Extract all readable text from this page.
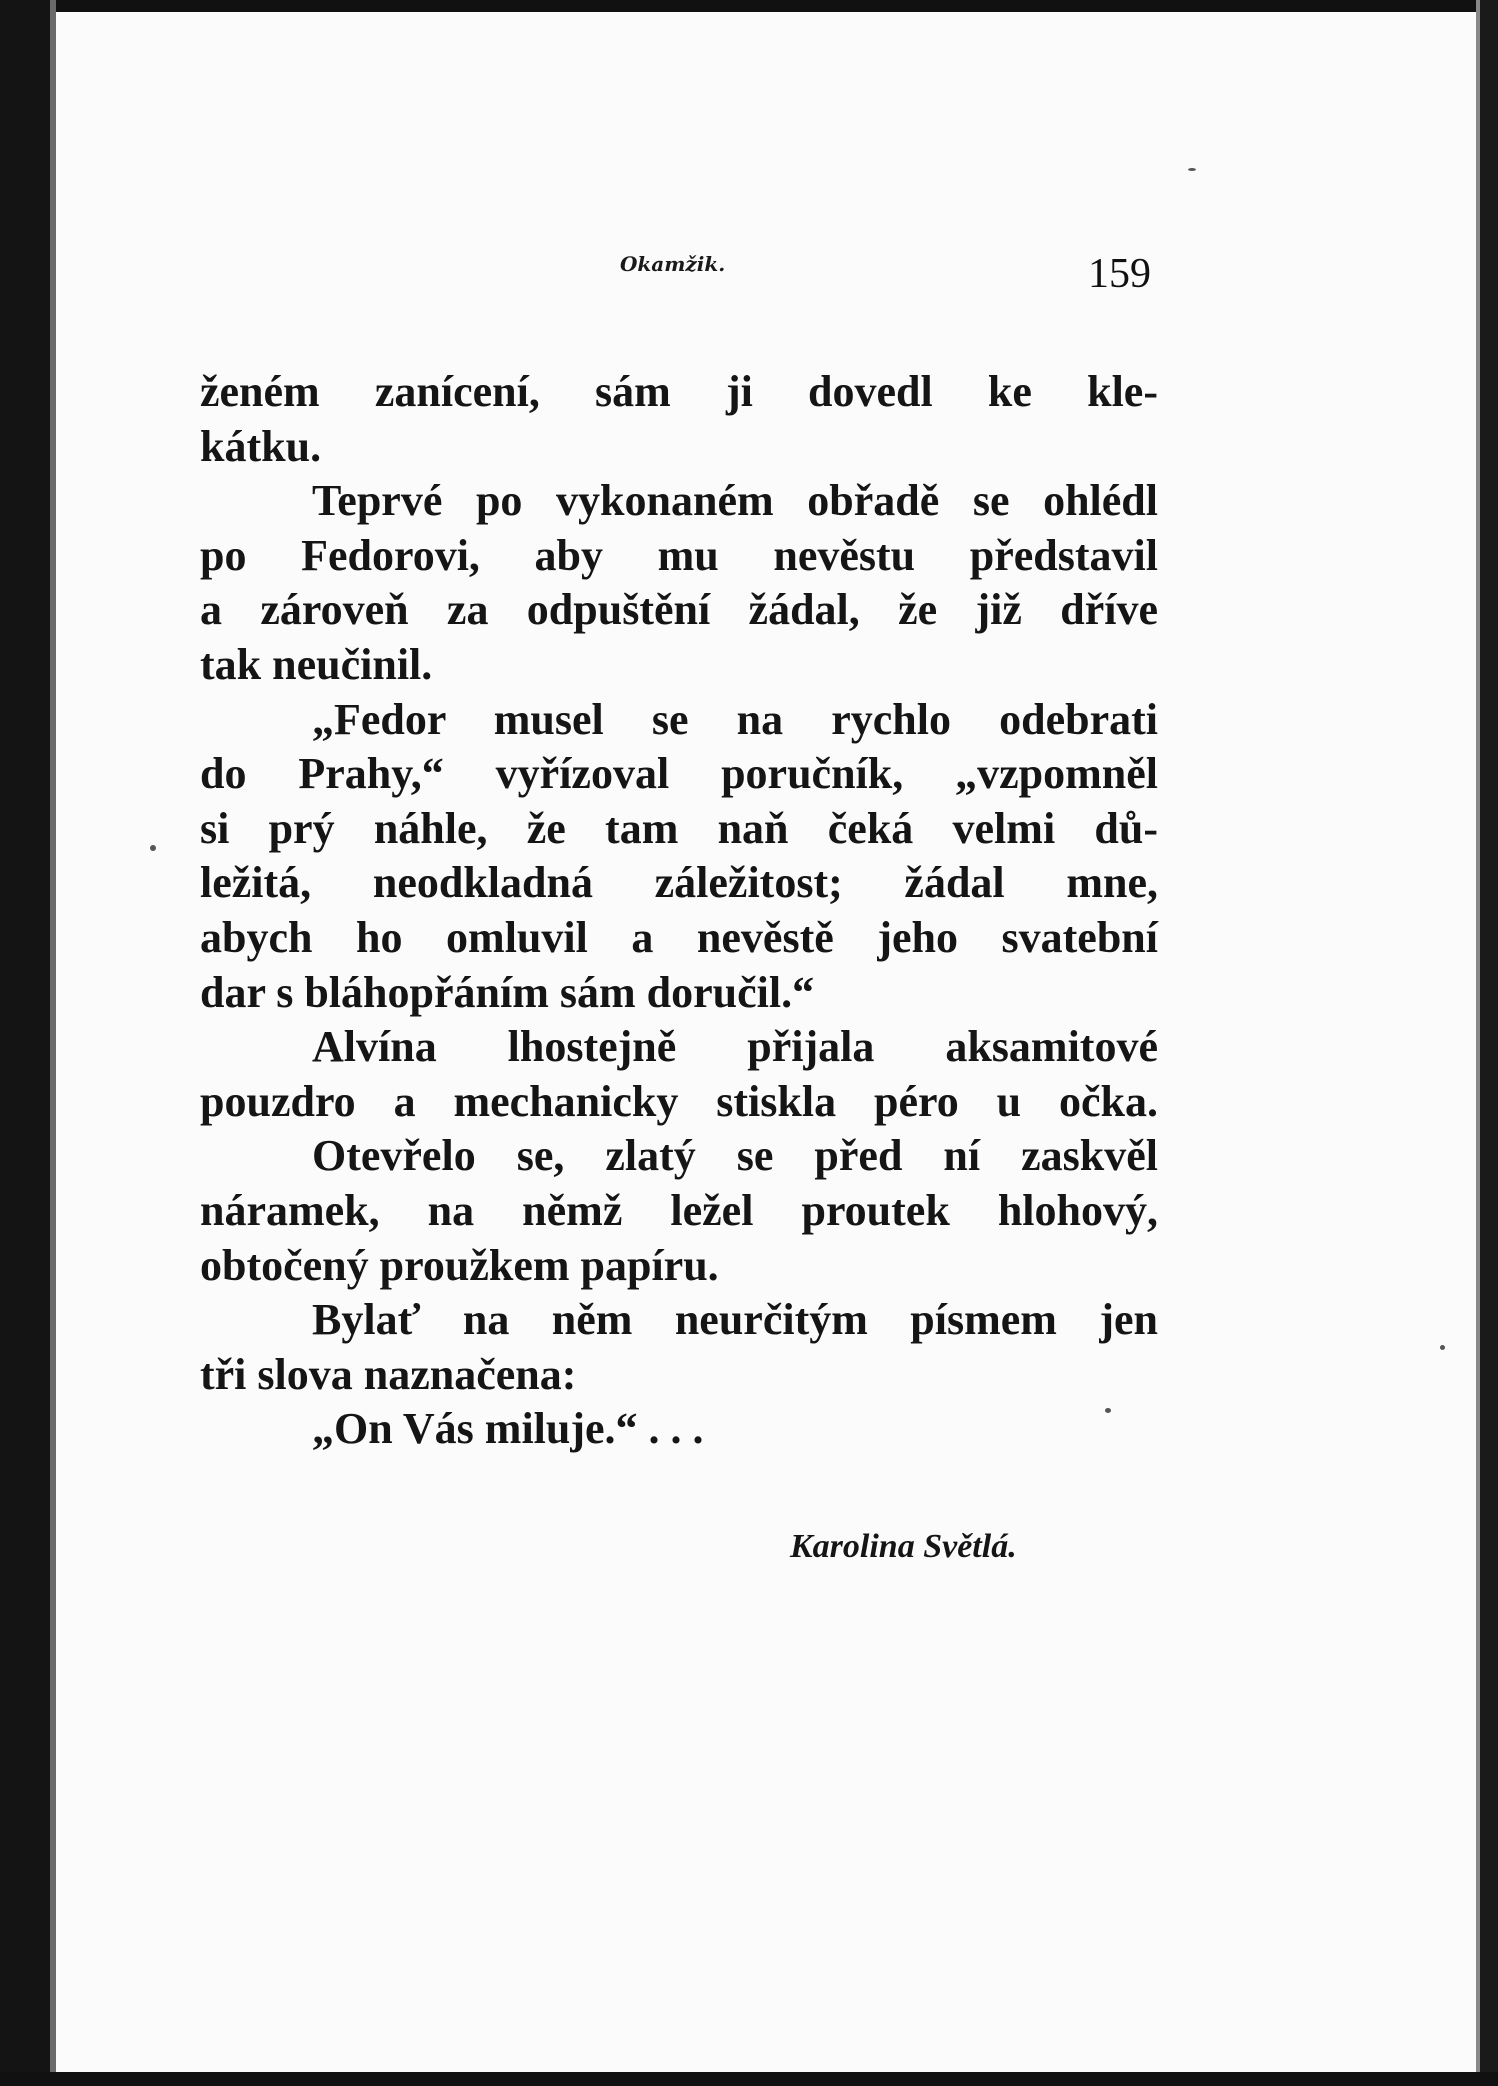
Okamžik.	159
ženém zanícení, sám ji dovedl ke kle-
kátku.
Teprvé po vykonaném obřadě se ohlédl
po Fedorovi, aby mu nevěstu představil
a zároveň za odpuštění žádal, že již dříve
tak neučinil.
„Fedor musel se na rychlo odebrati
do Prahy,“ vyřízoval poručník, „vzpomněl
si prý náhle, že tam naň čeká velmi dů-
ležitá, neodkladná záležitost; žádal mne,
abych ho omluvil a nevěstě jeho svatební
dar s bláhopřáním sám doručil.“
Alvína lhostejně přijala aksamitové
pouzdro a mechanicky stiskla péro u očka.
Otevřelo se, zlatý se před ní zaskvěl
náramek, na němž ležel proutek hlohový,
obtočený proužkem papíru.
Bylať na něm neurčitým písmem jen
tři slova naznačena:
„On Vás miluje.“ . . .
Karolina Světlá.
